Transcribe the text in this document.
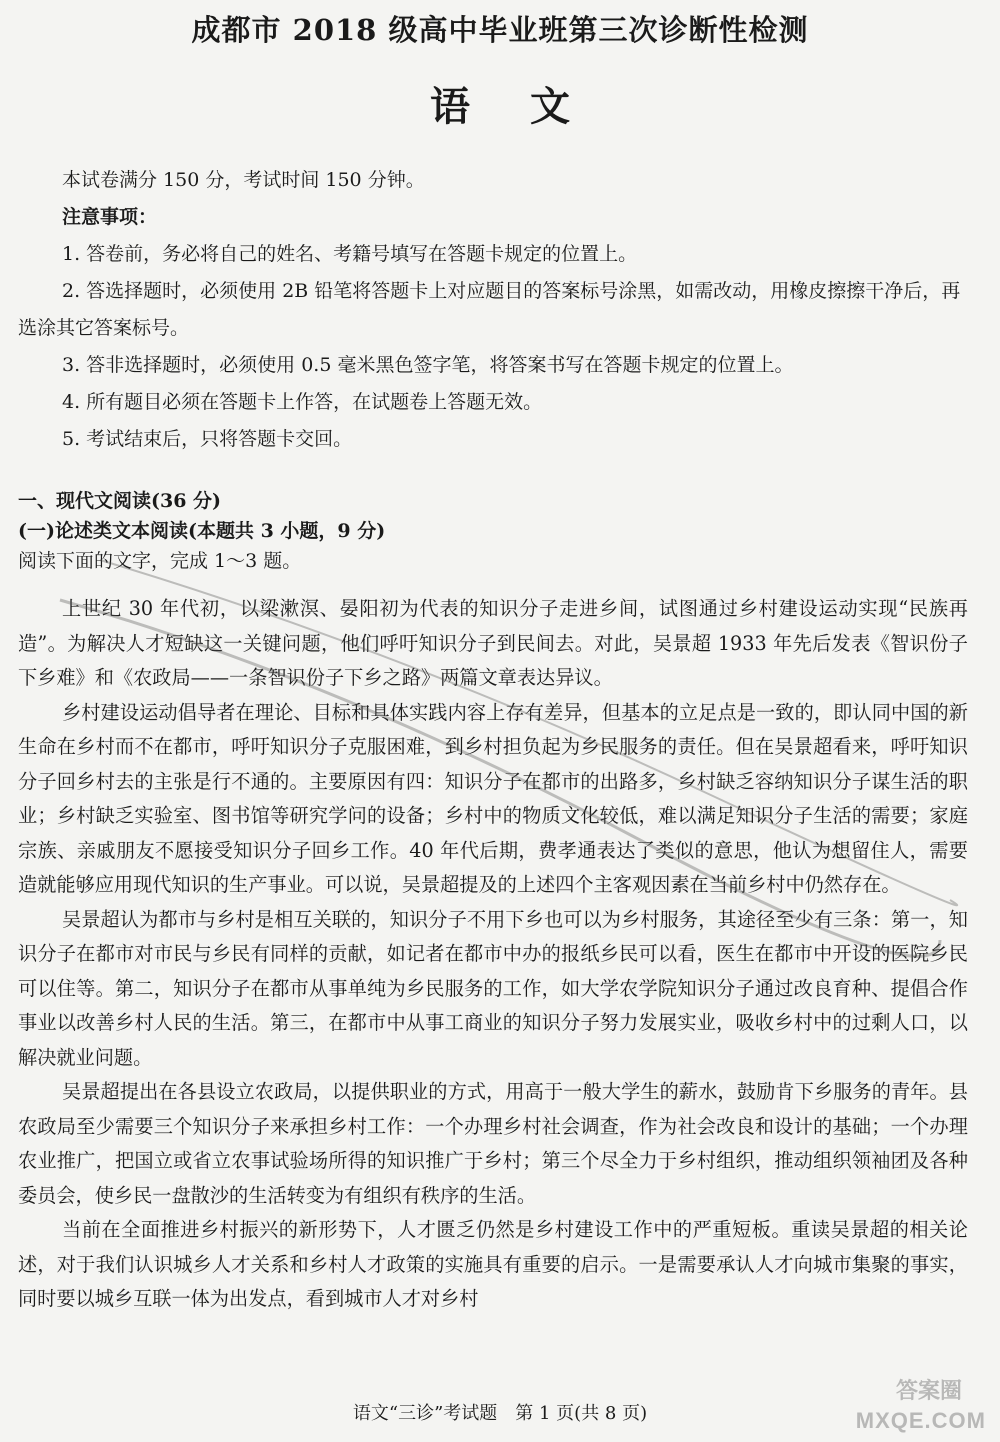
成都市 2018 级高中毕业班第三次诊断性检测
语文

本试卷满分 150 分，考试时间 150 分钟。

注意事项：

1. 答卷前，务必将自己的姓名、考籍号填写在答题卡规定的位置上。

2. 答选择题时，必须使用 2B 铅笔将答题卡上对应题目的答案标号涂黑，如需改动，用橡皮擦擦干净后，再选涂其它答案标号。

3. 答非选择题时，必须使用 0.5 毫米黑色签字笔，将答案书写在答题卡规定的位置上。

4. 所有题目必须在答题卡上作答，在试题卷上答题无效。

5. 考试结束后，只将答题卡交回。

一、现代文阅读(36 分)

(一)论述类文本阅读(本题共 3 小题，9 分)

阅读下面的文字，完成 1～3 题。

上世纪 30 年代初，以梁漱溟、晏阳初为代表的知识分子走进乡间，试图通过乡村建设运动实现“民族再造”。为解决人才短缺这一关键问题，他们呼吁知识分子到民间去。对此，吴景超 1933 年先后发表《智识份子下乡难》和《农政局——一条智识份子下乡之路》两篇文章表达异议。

乡村建设运动倡导者在理论、目标和具体实践内容上存有差异，但基本的立足点是一致的，即认同中国的新生命在乡村而不在都市，呼吁知识分子克服困难，到乡村担负起为乡民服务的责任。但在吴景超看来，呼吁知识分子回乡村去的主张是行不通的。主要原因有四：知识分子在都市的出路多，乡村缺乏容纳知识分子谋生活的职业；乡村缺乏实验室、图书馆等研究学问的设备；乡村中的物质文化较低，难以满足知识分子生活的需要；家庭宗族、亲戚朋友不愿接受知识分子回乡工作。40 年代后期，费孝通表达了类似的意思，他认为想留住人，需要造就能够应用现代知识的生产事业。可以说，吴景超提及的上述四个主客观因素在当前乡村中仍然存在。

吴景超认为都市与乡村是相互关联的，知识分子不用下乡也可以为乡村服务，其途径至少有三条：第一，知识分子在都市对市民与乡民有同样的贡献，如记者在都市中办的报纸乡民可以看，医生在都市中开设的医院乡民可以住等。第二，知识分子在都市从事单纯为乡民服务的工作，如大学农学院知识分子通过改良育种、提倡合作事业以改善乡村人民的生活。第三，在都市中从事工商业的知识分子努力发展实业，吸收乡村中的过剩人口，以解决就业问题。

吴景超提出在各县设立农政局，以提供职业的方式，用高于一般大学生的薪水，鼓励肯下乡服务的青年。县农政局至少需要三个知识分子来承担乡村工作：一个办理乡村社会调查，作为社会改良和设计的基础；一个办理农业推广，把国立或省立农事试验场所得的知识推广于乡村；第三个尽全力于乡村组织，推动组织领袖团及各种委员会，使乡民一盘散沙的生活转变为有组织有秩序的生活。

当前在全面推进乡村振兴的新形势下，人才匮乏仍然是乡村建设工作中的严重短板。重读吴景超的相关论述，对于我们认识城乡人才关系和乡村人才政策的实施具有重要的启示。一是需要承认人才向城市集聚的事实，同时要以城乡互联一体为出发点，看到城市人才对乡村

语文“三诊”考试题　第 1 页(共 8 页)
答案圈
MXQE.COM
